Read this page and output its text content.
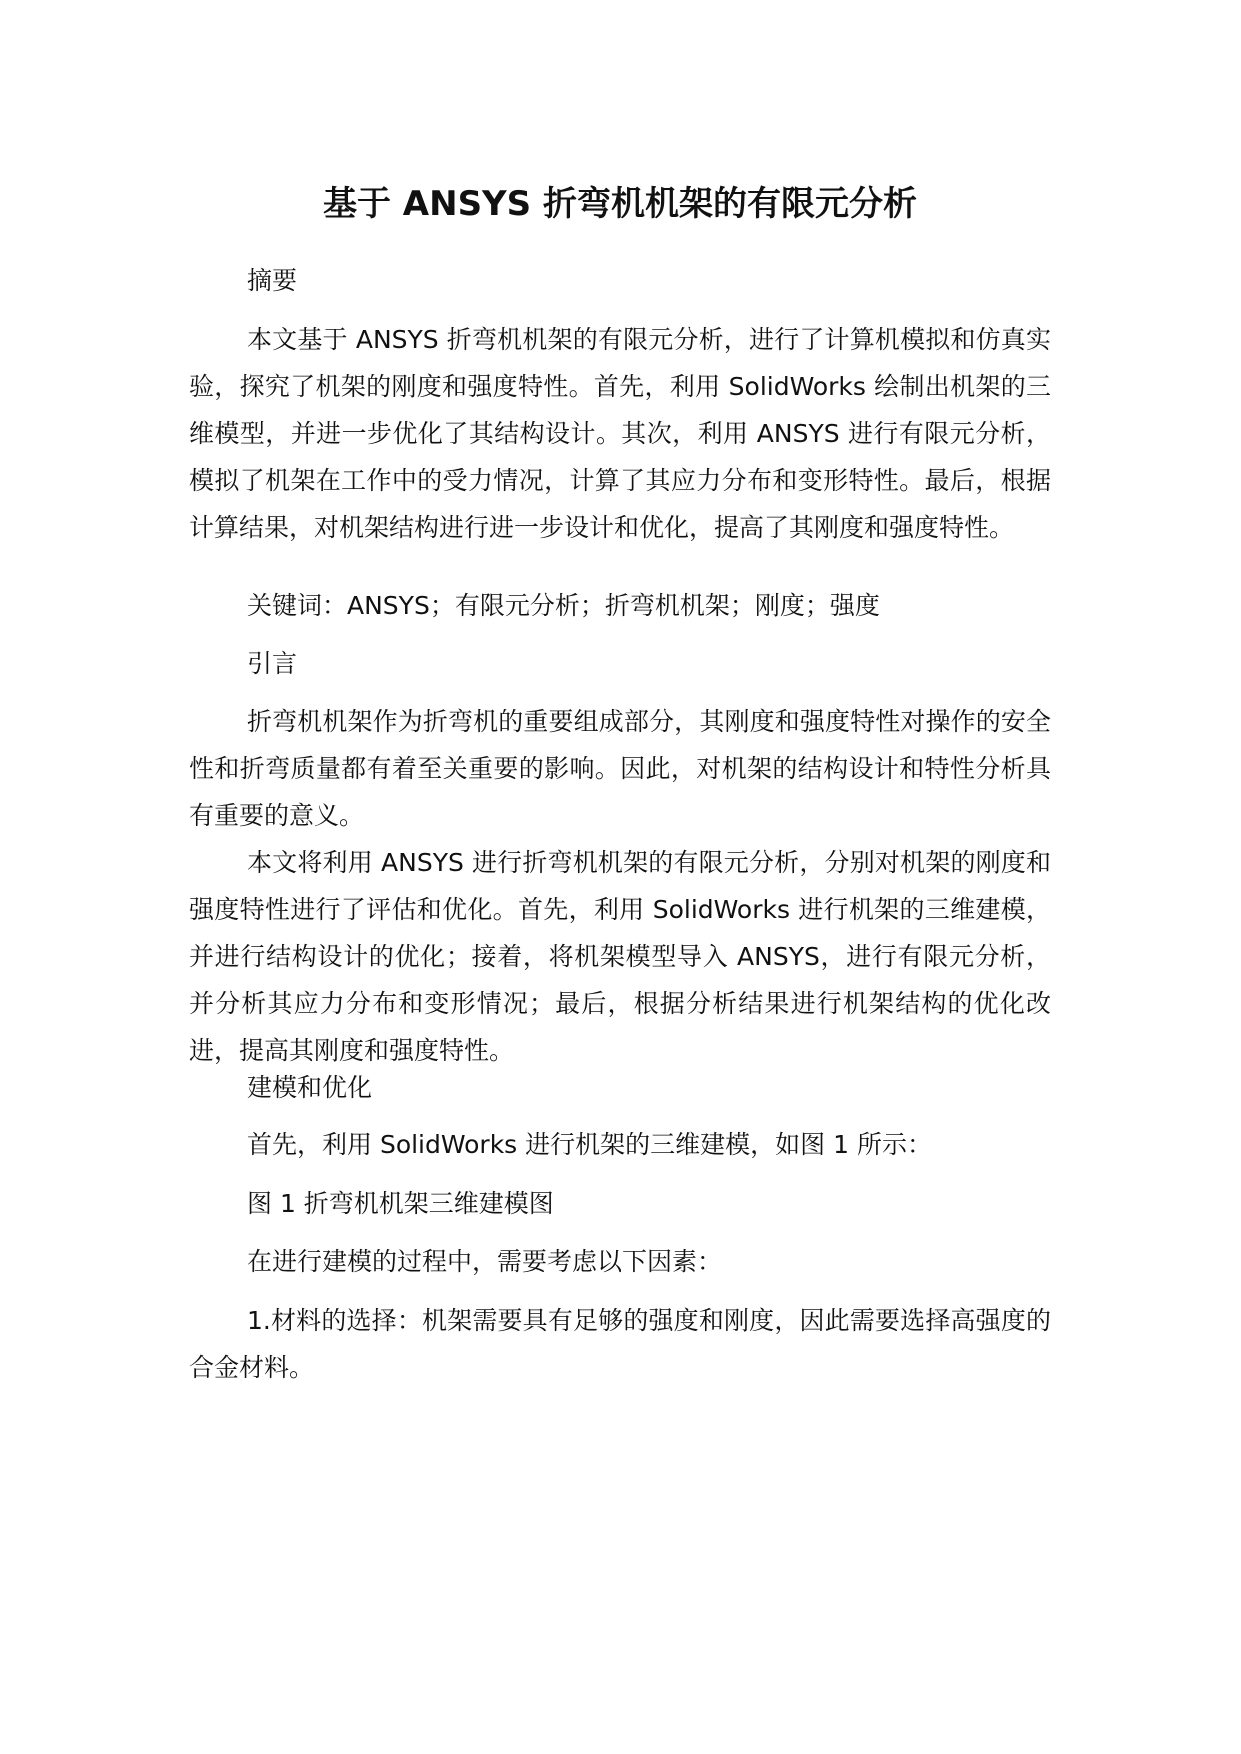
基于 ANSYS 折弯机机架的有限元分析

摘要

本文基于 ANSYS 折弯机机架的有限元分析，进行了计算机模拟和仿真实验，探究了机架的刚度和强度特性。首先，利用 SolidWorks 绘制出机架的三维模型，并进一步优化了其结构设计。其次，利用 ANSYS 进行有限元分析，模拟了机架在工作中的受力情况，计算了其应力分布和变形特性。最后，根据计算结果，对机架结构进行进一步设计和优化，提高了其刚度和强度特性。

关键词：ANSYS；有限元分析；折弯机机架；刚度；强度

引言

折弯机机架作为折弯机的重要组成部分，其刚度和强度特性对操作的安全性和折弯质量都有着至关重要的影响。因此，对机架的结构设计和特性分析具有重要的意义。

本文将利用 ANSYS 进行折弯机机架的有限元分析，分别对机架的刚度和强度特性进行了评估和优化。首先，利用 SolidWorks 进行机架的三维建模，并进行结构设计的优化；接着，将机架模型导入 ANSYS，进行有限元分析，并分析其应力分布和变形情况；最后，根据分析结果进行机架结构的优化改进，提高其刚度和强度特性。

建模和优化

首先，利用 SolidWorks 进行机架的三维建模，如图 1 所示：

图 1 折弯机机架三维建模图

在进行建模的过程中，需要考虑以下因素：

1.材料的选择：机架需要具有足够的强度和刚度，因此需要选择高强度的合金材料。
